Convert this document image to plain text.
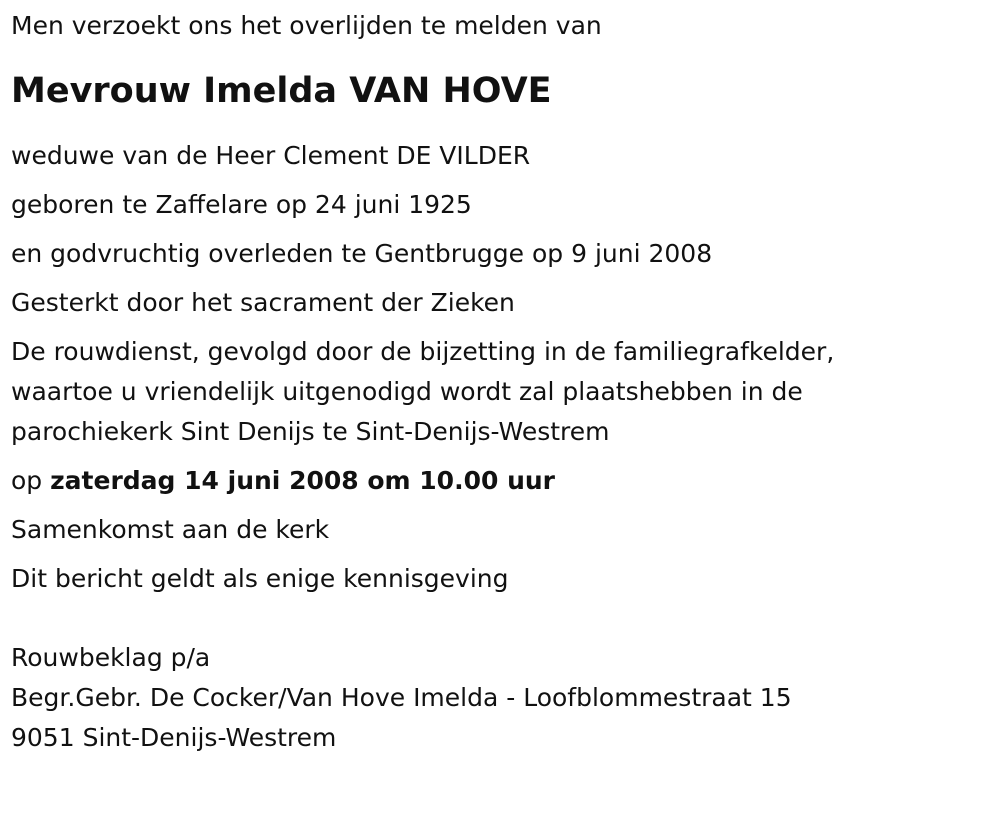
Men verzoekt ons het overlijden te melden van

Mevrouw Imelda VAN HOVE

weduwe van de Heer Clement DE VILDER

geboren te Zaffelare op 24 juni 1925

en godvruchtig overleden te Gentbrugge op 9 juni 2008

Gesterkt door het sacrament der Zieken

De rouwdienst, gevolgd door de bijzetting in de familiegrafkelder,

waartoe u vriendelijk uitgenodigd wordt zal plaatshebben in de

parochiekerk Sint Denijs te Sint-Denijs-Westrem

op zaterdag 14 juni 2008 om 10.00 uur

Samenkomst aan de kerk

Dit bericht geldt als enige kennisgeving

Rouwbeklag p/a

Begr.Gebr. De Cocker/Van Hove Imelda - Loofblommestraat 15

9051 Sint-Denijs-Westrem
